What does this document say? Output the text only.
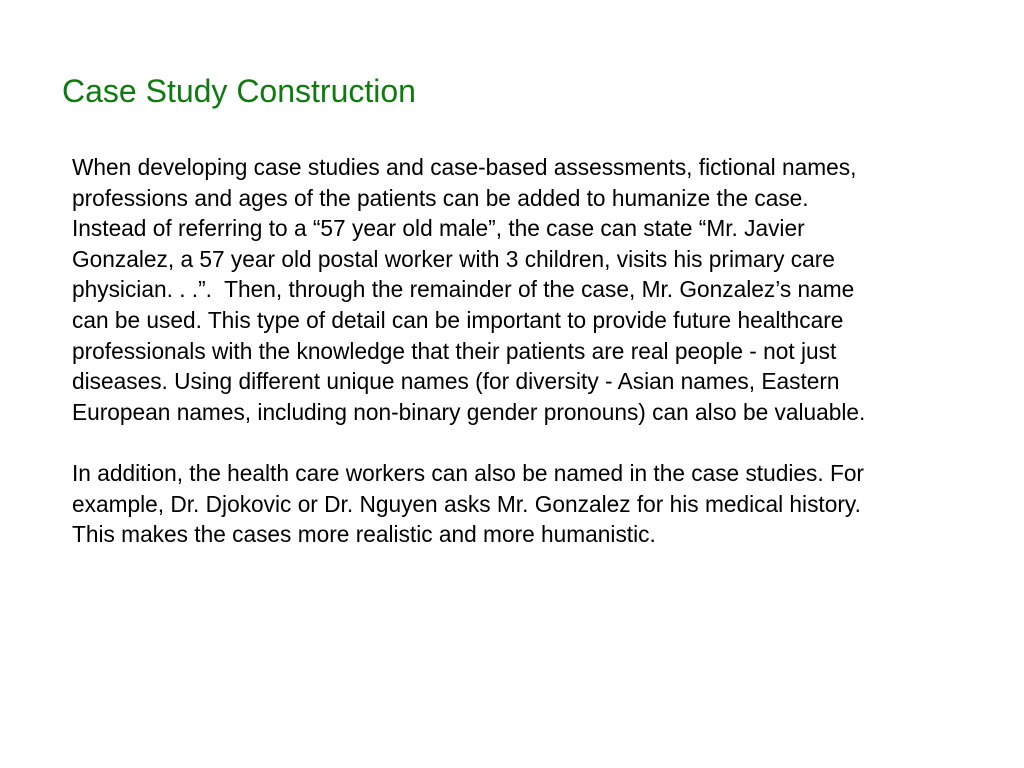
Case Study Construction

When developing case studies and case-based assessments, fictional names,
professions and ages of the patients can be added to humanize the case.
Instead of referring to a “57 year old male”, the case can state “Mr. Javier
Gonzalez, a 57 year old postal worker with 3 children, visits his primary care
physician. . .”.  Then, through the remainder of the case, Mr. Gonzalez’s name
can be used. This type of detail can be important to provide future healthcare
professionals with the knowledge that their patients are real people - not just
diseases. Using different unique names (for diversity - Asian names, Eastern
European names, including non-binary gender pronouns) can also be valuable.

In addition, the health care workers can also be named in the case studies. For
example, Dr. Djokovic or Dr. Nguyen asks Mr. Gonzalez for his medical history.
This makes the cases more realistic and more humanistic.
